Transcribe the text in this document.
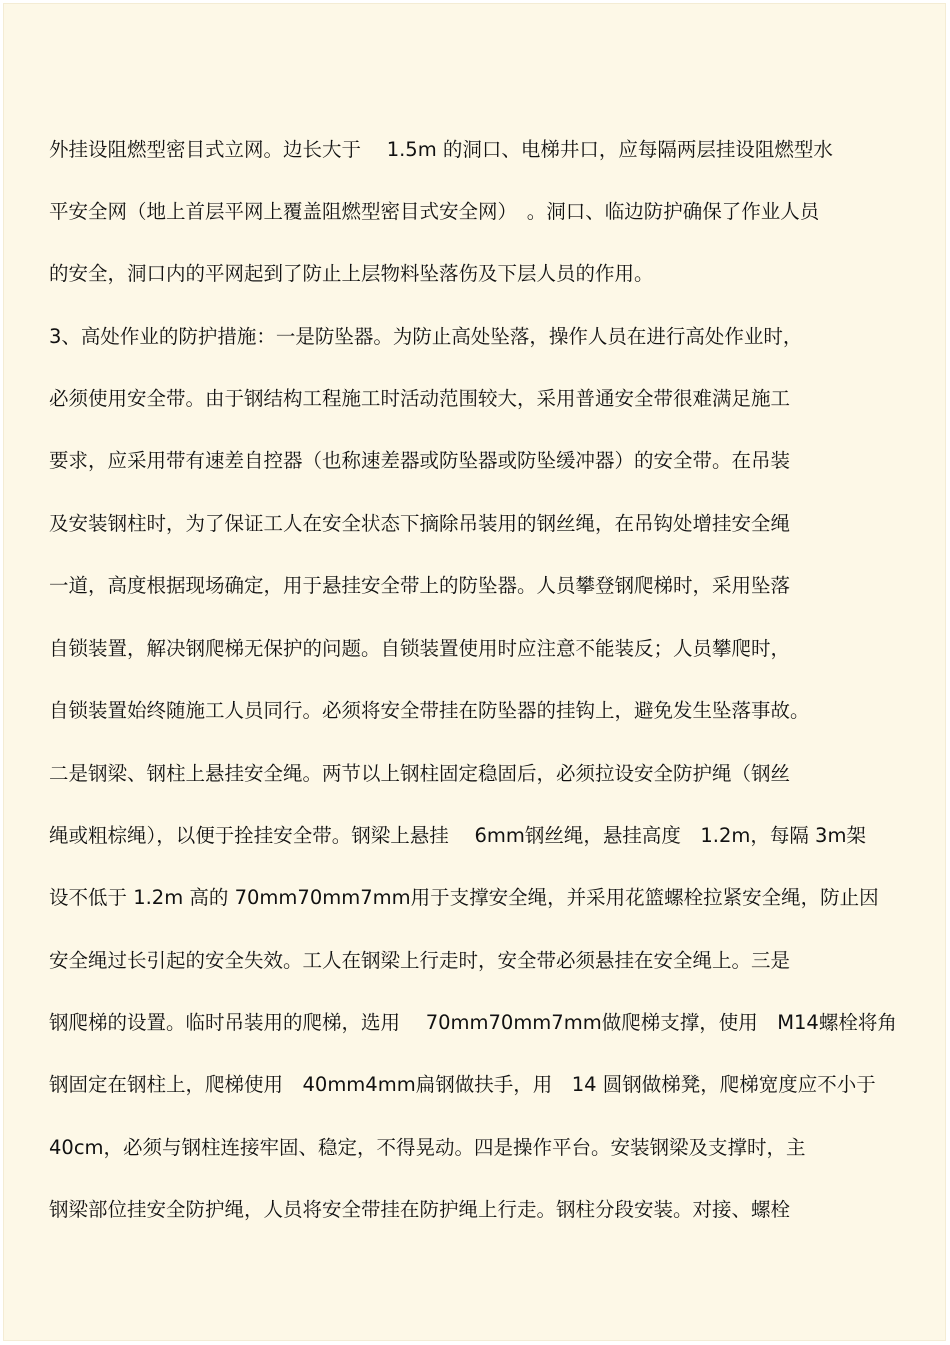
外挂设阻燃型密目式立网。边长大于　 1.5m 的洞口、电梯井口，应每隔两层挂设阻燃型水
平安全网（地上首层平网上覆盖阻燃型密目式安全网）　。洞口、临边防护确保了作业人员
的安全，洞口内的平网起到了防止上层物料坠落伤及下层人员的作用。
3、高处作业的防护措施：一是防坠器。为防止高处坠落，操作人员在进行高处作业时，
必须使用安全带。由于钢结构工程施工时活动范围较大，采用普通安全带很难满足施工
要求，应采用带有速差自控器（也称速差器或防坠器或防坠缓冲器）的安全带。在吊装
及安装钢柱时，为了保证工人在安全状态下摘除吊装用的钢丝绳，在吊钩处增挂安全绳
一道，高度根据现场确定，用于悬挂安全带上的防坠器。人员攀登钢爬梯时，采用坠落
自锁装置，解决钢爬梯无保护的问题。自锁装置使用时应注意不能装反；人员攀爬时，
自锁装置始终随施工人员同行。必须将安全带挂在防坠器的挂钩上，避免发生坠落事故。
二是钢梁、钢柱上悬挂安全绳。两节以上钢柱固定稳固后，必须拉设安全防护绳（钢丝
绳或粗棕绳），以便于拴挂安全带。钢梁上悬挂　 6mm钢丝绳，悬挂高度　1.2m，每隔 3m架
设不低于 1.2m 高的 70mm70mm7mm用于支撑安全绳，并采用花篮螺栓拉紧安全绳，防止因
安全绳过长引起的安全失效。工人在钢梁上行走时，安全带必须悬挂在安全绳上。三是
钢爬梯的设置。临时吊装用的爬梯，选用　 70mm70mm7mm做爬梯支撑，使用　M14螺栓将角
钢固定在钢柱上，爬梯使用　40mm4mm扁钢做扶手，用　14 圆钢做梯凳，爬梯宽度应不小于
40cm，必须与钢柱连接牢固、稳定，不得晃动。四是操作平台。安装钢梁及支撑时，主
钢梁部位挂安全防护绳，人员将安全带挂在防护绳上行走。钢柱分段安装。对接、螺栓
